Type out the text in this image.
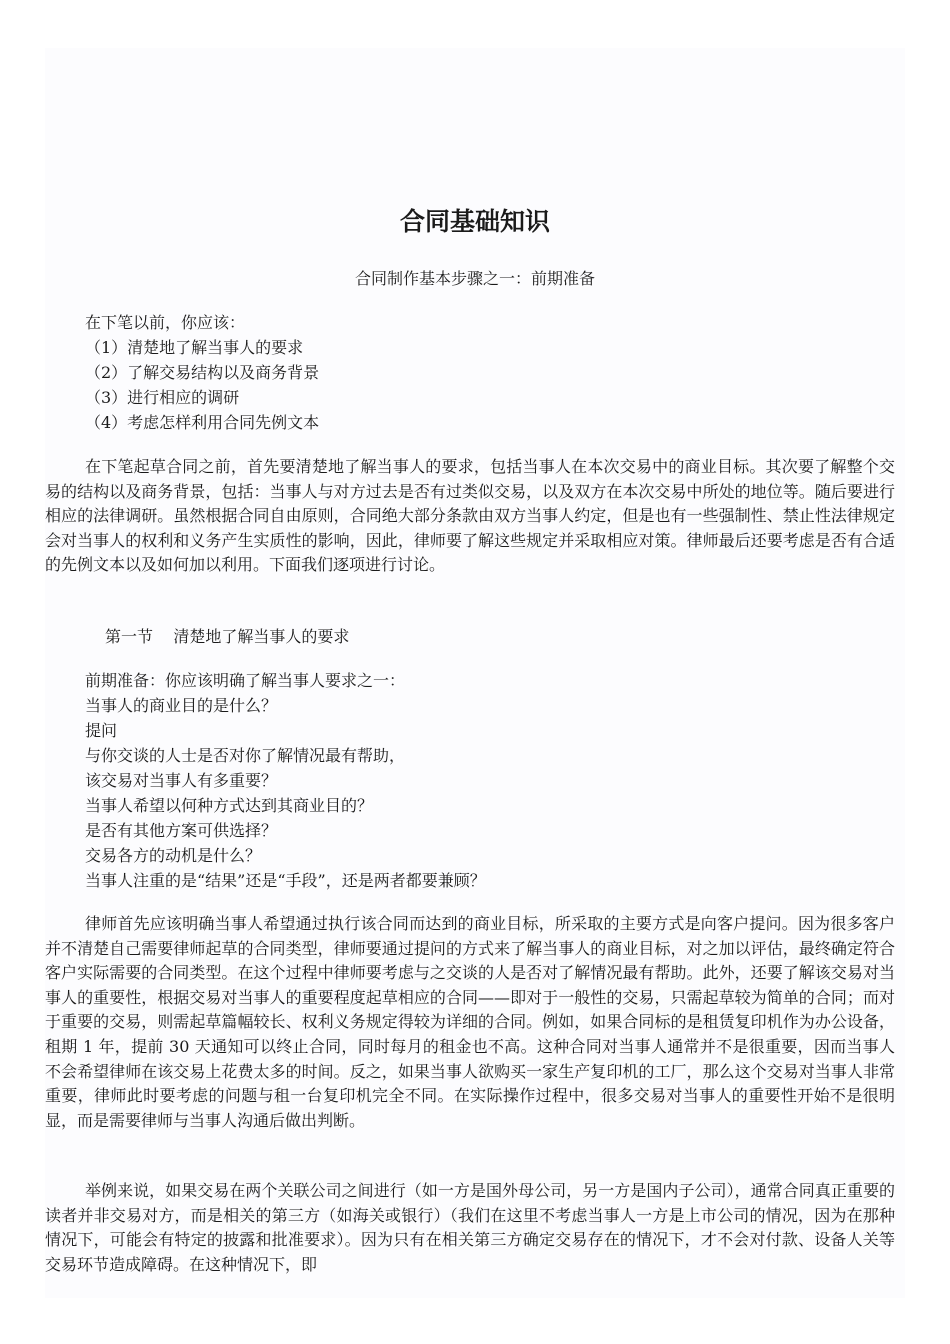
合同基础知识

合同制作基本步骤之一：前期准备

在下笔以前，你应该：

（1）清楚地了解当事人的要求

（2）了解交易结构以及商务背景

（3）进行相应的调研

（4）考虑怎样利用合同先例文本

在下笔起草合同之前，首先要清楚地了解当事人的要求，包括当事人在本次交易中的商业目标。其次要了解整个交易的结构以及商务背景，包括：当事人与对方过去是否有过类似交易，以及双方在本次交易中所处的地位等。随后要进行相应的法律调研。虽然根据合同自由原则，合同绝大部分条款由双方当事人约定，但是也有一些强制性、禁止性法律规定会对当事人的权利和义务产生实质性的影响，因此，律师要了解这些规定并采取相应对策。律师最后还要考虑是否有合适的先例文本以及如何加以利用。下面我们逐项进行讨论。

第一节    清楚地了解当事人的要求

前期准备：你应该明确了解当事人要求之一：

当事人的商业目的是什么？

提问

与你交谈的人士是否对你了解情况最有帮助，

该交易对当事人有多重要？

当事人希望以何种方式达到其商业目的？

是否有其他方案可供选择？

交易各方的动机是什么？

当事人注重的是“结果”还是“手段”，还是两者都要兼顾？

律师首先应该明确当事人希望通过执行该合同而达到的商业目标，所采取的主要方式是向客户提问。因为很多客户并不清楚自己需要律师起草的合同类型，律师要通过提问的方式来了解当事人的商业目标，对之加以评估，最终确定符合客户实际需要的合同类型。在这个过程中律师要考虑与之交谈的人是否对了解情况最有帮助。此外，还要了解该交易对当事人的重要性，根据交易对当事人的重要程度起草相应的合同——即对于一般性的交易，只需起草较为简单的合同；而对于重要的交易，则需起草篇幅较长、权利义务规定得较为详细的合同。例如，如果合同标的是租赁复印机作为办公设备，租期 1 年，提前 30 天通知可以终止合同，同时每月的租金也不高。这种合同对当事人通常并不是很重要，因而当事人不会希望律师在该交易上花费太多的时间。反之，如果当事人欲购买一家生产复印机的工厂，那么这个交易对当事人非常重要，律师此时要考虑的问题与租一台复印机完全不同。在实际操作过程中，很多交易对当事人的重要性开始不是很明显，而是需要律师与当事人沟通后做出判断。

举例来说，如果交易在两个关联公司之间进行（如一方是国外母公司，另一方是国内子公司），通常合同真正重要的读者并非交易对方，而是相关的第三方（如海关或银行）（我们在这里不考虑当事人一方是上市公司的情况，因为在那种情况下，可能会有特定的披露和批准要求）。因为只有在相关第三方确定交易存在的情况下，才不会对付款、设备人关等交易环节造成障碍。在这种情况下，即
